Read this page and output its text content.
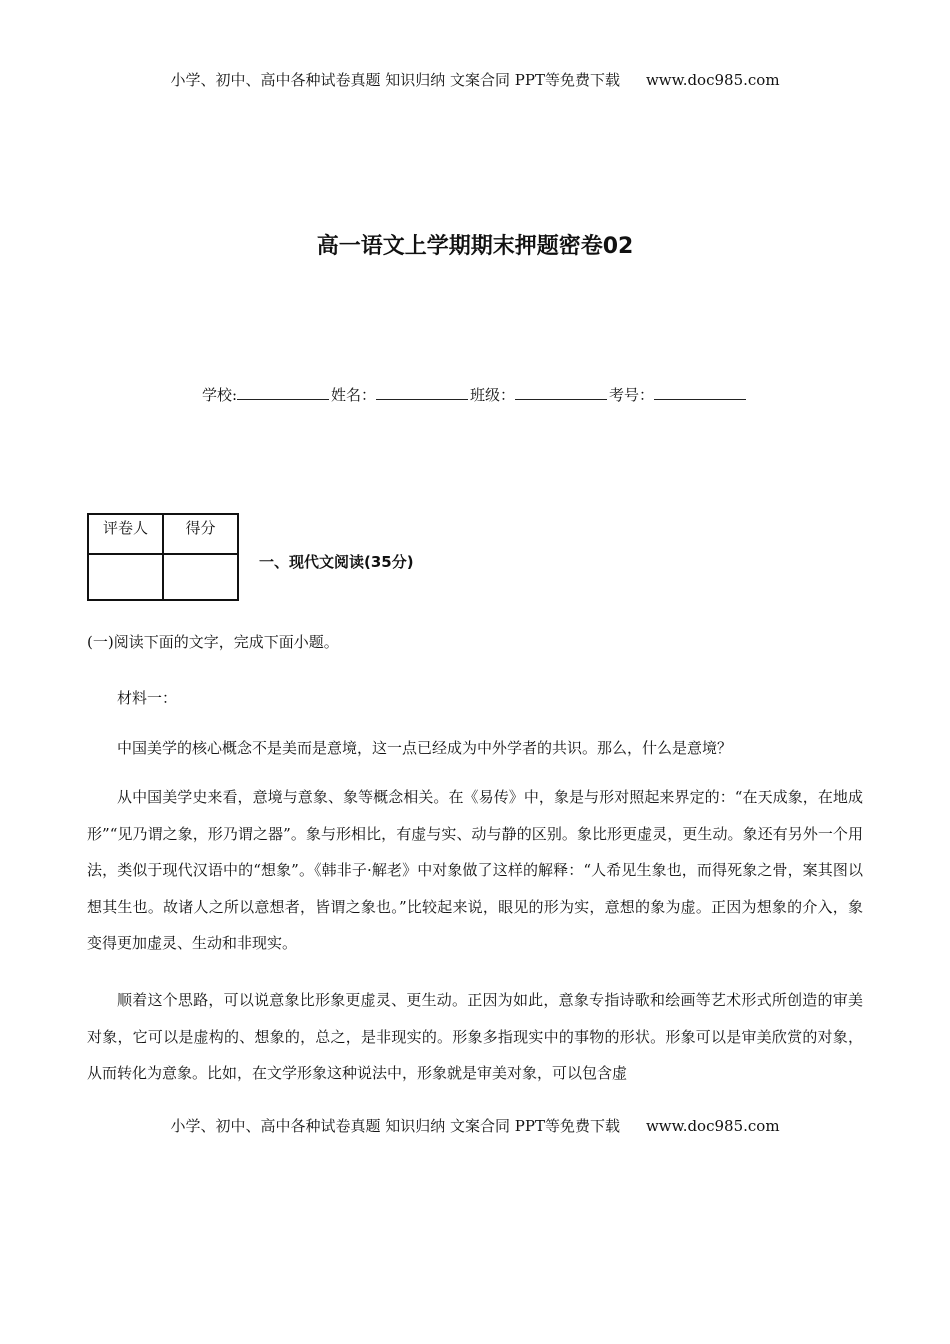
小学、初中、高中各种试卷真题 知识归纳 文案合同 PPT等免费下载 www.doc985.com
高一语文上学期期末押题密卷02
学校:	姓名：	班级：	考号：
评卷人	得分

一、现代文阅读(35分)
(一)阅读下面的文字，完成下面小题。

材料一：

中国美学的核心概念不是美而是意境，这一点已经成为中外学者的共识。那么，什么是意境？

从中国美学史来看，意境与意象、象等概念相关。在《易传》中，象是与形对照起来界定的：“在天成象，在地成形”“见乃谓之象，形乃谓之器”。象与形相比，有虚与实、动与静的区别。象比形更虚灵，更生动。象还有另外一个用法，类似于现代汉语中的“想象”。《韩非子·解老》中对象做了这样的解释：“人希见生象也，而得死象之骨，案其图以想其生也。故诸人之所以意想者，皆谓之象也。”比较起来说，眼见的形为实，意想的象为虚。正因为想象的介入，象变得更加虚灵、生动和非现实。

顺着这个思路，可以说意象比形象更虚灵、更生动。正因为如此，意象专指诗歌和绘画等艺术形式所创造的审美对象，它可以是虚构的、想象的，总之，是非现实的。形象多指现实中的事物的形状。形象可以是审美欣赏的对象，从而转化为意象。比如，在文学形象这种说法中，形象就是审美对象，可以包含虚

小学、初中、高中各种试卷真题 知识归纳 文案合同 PPT等免费下载 www.doc985.com
